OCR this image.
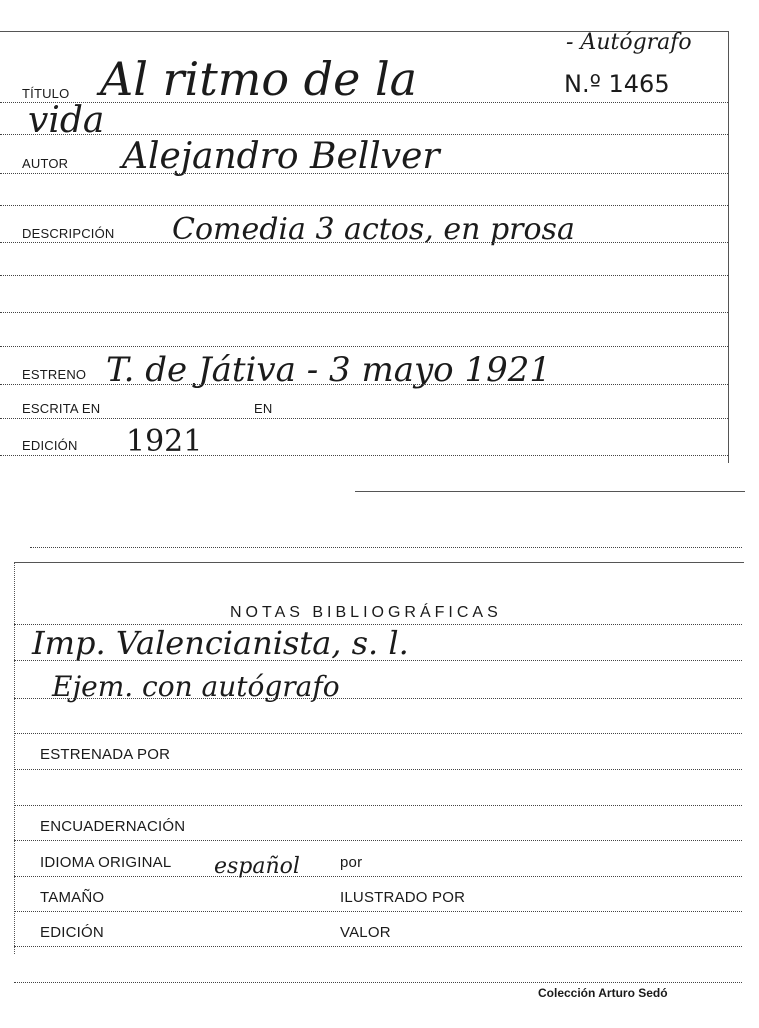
- Autógrafo
N.º 1465
TÍTULO Al ritmo de la
vida
AUTOR Alejandro Bellver
DESCRIPCIÓN Comedia 3 actos, en prosa
ESTRENO T. de Játiva - 3 mayo 1921
ESCRITA EN	EN
EDICIÓN 1921
NOTAS BIBLIOGRÁFICAS
Imp. Valencianista, s. l.
Ejem. con autógrafo
ESTRENADA POR
ENCUADERNACIÓN
IDIOMA ORIGINAL español	por
TAMAÑO	ILUSTRADO POR
EDICIÓN	VALOR
Colección Arturo Sedó
